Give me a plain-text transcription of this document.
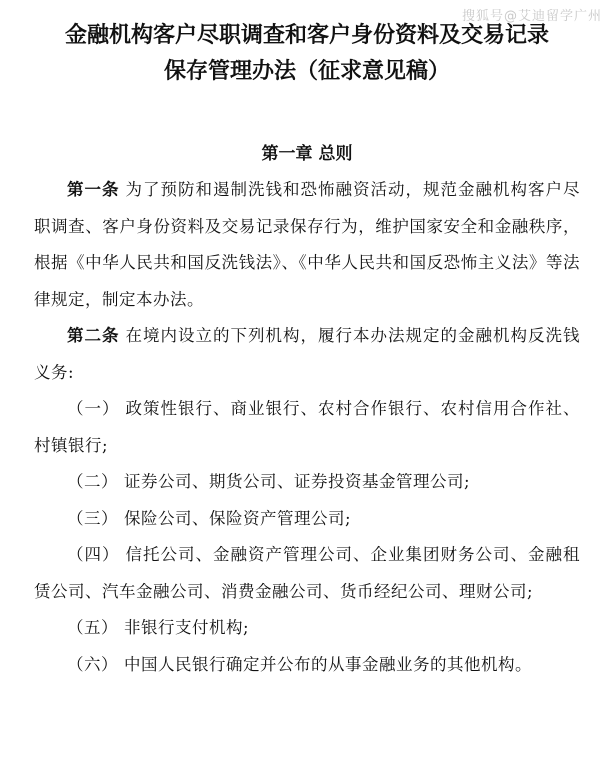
搜狐号@艾迪留学广州
金融机构客户尽职调查和客户身份资料及交易记录
保存管理办法（征求意见稿）
第一章 总则

第一条 为了预防和遏制洗钱和恐怖融资活动，规范金融机构客户尽职调查、客户身份资料及交易记录保存行为，维护国家安全和金融秩序，根据《中华人民共和国反洗钱法》、《中华人民共和国反恐怖主义法》等法律规定，制定本办法。

第二条 在境内设立的下列机构，履行本办法规定的金融机构反洗钱义务:

（一） 政策性银行、商业银行、农村合作银行、农村信用合作社、村镇银行;

（二） 证券公司、期货公司、证券投资基金管理公司;

（三） 保险公司、保险资产管理公司;

（四） 信托公司、金融资产管理公司、企业集团财务公司、金融租赁公司、汽车金融公司、消费金融公司、货币经纪公司、理财公司;

（五） 非银行支付机构;

（六） 中国人民银行确定并公布的从事金融业务的其他机构。
